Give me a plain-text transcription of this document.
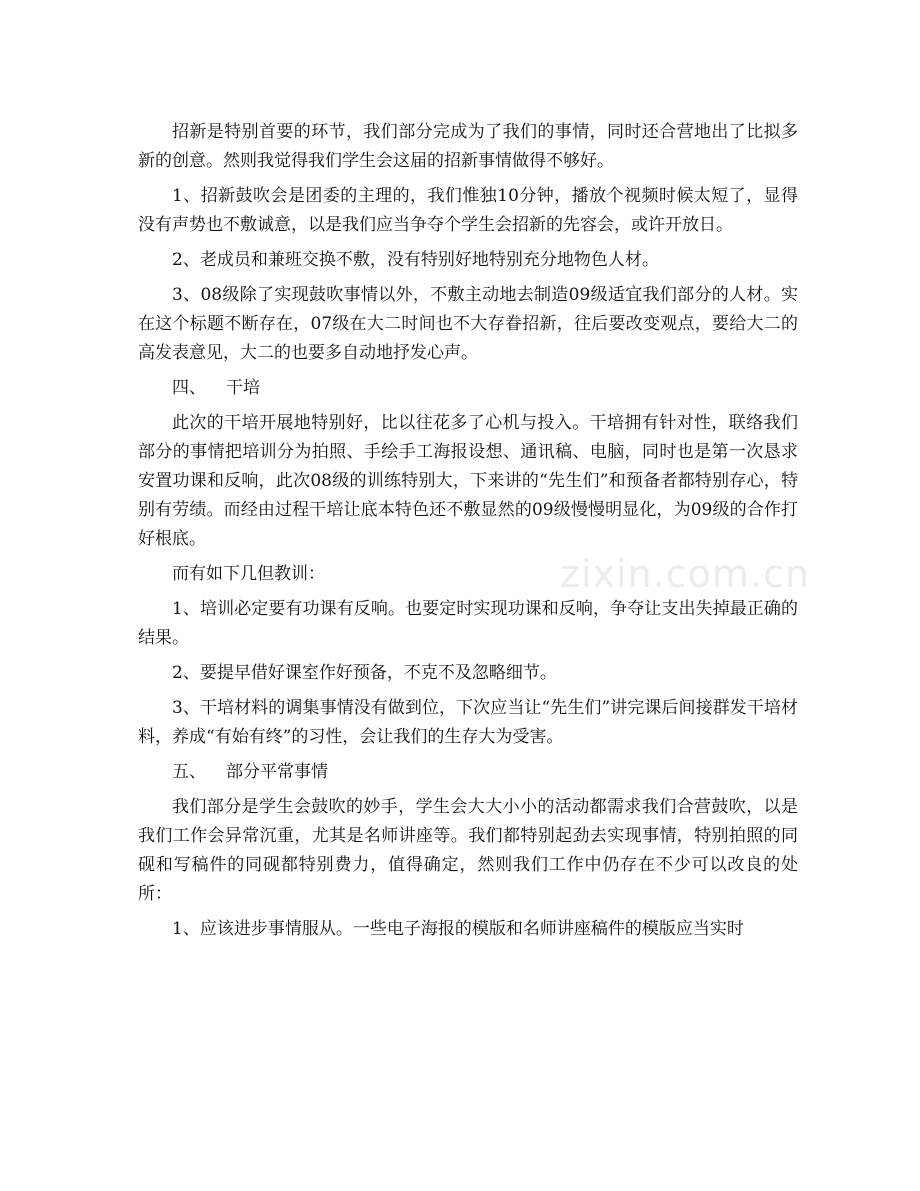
招新是特别首要的环节，我们部分完成为了我们的事情，同时还合营地出了比拟多新的创意。然则我觉得我们学生会这届的招新事情做得不够好。

1、招新鼓吹会是团委的主理的，我们惟独10分钟，播放个视频时候太短了，显得没有声势也不敷诚意，以是我们应当争夺个学生会招新的先容会，或许开放日。

2、老成员和兼班交换不敷，没有特别好地特别充分地物色人材。

3、08级除了实现鼓吹事情以外，不敷主动地去制造09级适宜我们部分的人材。实在这个标题不断存在，07级在大二时间也不大存眷招新，往后要改变观点，要给大二的高发表意见，大二的也要多自动地抒发心声。

四、 干培

此次的干培开展地特别好，比以往花多了心机与投入。干培拥有针对性，联络我们部分的事情把培训分为拍照、手绘手工海报设想、通讯稿、电脑，同时也是第一次恳求安置功课和反响，此次08级的训练特别大，下来讲的“先生们”和预备者都特别存心，特别有劳绩。而经由过程干培让底本特色还不敷显然的09级慢慢明显化，为09级的合作打好根底。

而有如下几但教训：

1、培训必定要有功课有反响。也要定时实现功课和反响，争夺让支出失掉最正确的结果。

2、要提早借好课室作好预备，不克不及忽略细节。

3、干培材料的调集事情没有做到位，下次应当让“先生们”讲完课后间接群发干培材料，养成“有始有终”的习性，会让我们的生存大为受害。

五、 部分平常事情

我们部分是学生会鼓吹的妙手，学生会大大小小的活动都需求我们合营鼓吹，以是我们工作会异常沉重，尤其是名师讲座等。我们都特别起劲去实现事情，特别拍照的同砚和写稿件的同砚都特别费力，值得确定，然则我们工作中仍存在不少可以改良的处所：

1、应该进步事情服从。一些电子海报的模版和名师讲座稿件的模版应当实时

zixin.com.cn
